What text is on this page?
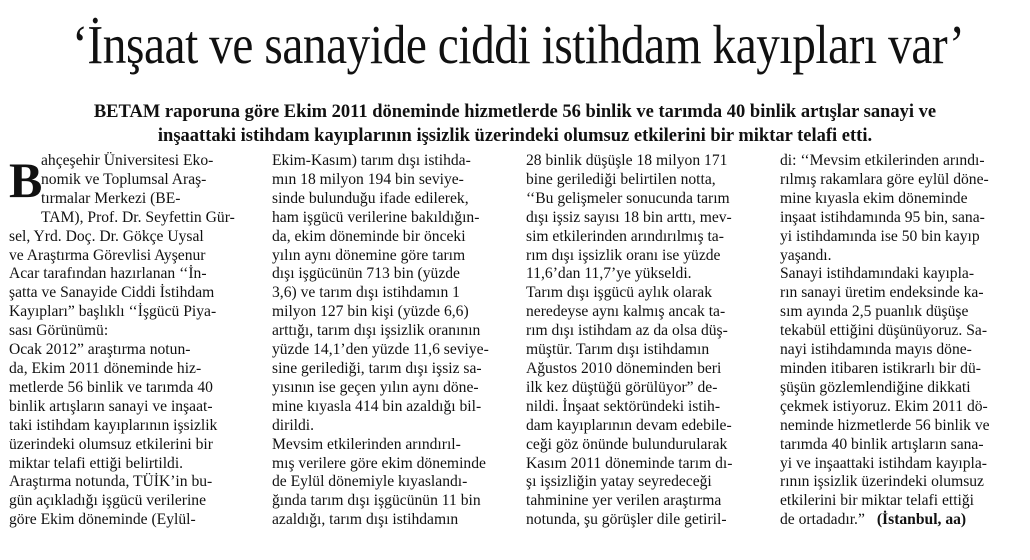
‘İnşaat ve sanayide ciddi istihdam kayıpları var’
BETAM raporuna göre Ekim 2011 döneminde hizmetlerde 56 binlik ve tarımda 40 binlik artışlar sanayi ve
inşaattaki istihdam kayıplarının işsizlik üzerindeki olumsuz etkilerini bir miktar telafi etti.
B

ahçeşehir Üniversitesi Eko-

nomik ve Toplumsal Araş-

tırmalar Merkezi (BE-

TAM), Prof. Dr. Seyfettin Gür-

sel, Yrd. Doç. Dr. Gökçe Uysal

ve Araştırma Görevlisi Ayşenur

Acar tarafından hazırlanan ‘‘İn-

şatta ve Sanayide Ciddi İstihdam

Kayıpları” başlıklı ‘‘İşgücü Piya-

sası Görünümü:

Ocak 2012” araştırma notun-

da, Ekim 2011 döneminde hiz-

metlerde 56 binlik ve tarımda 40

binlik artışların sanayi ve inşaat-

taki istihdam kayıplarının işsizlik

üzerindeki olumsuz etkilerini bir

miktar telafi ettiği belirtildi.

Araştırma notunda, TÜİK’in bu-

gün açıkladığı işgücü verilerine

göre Ekim döneminde (Eylül-

Ekim-Kasım) tarım dışı istihda-

mın 18 milyon 194 bin seviye-

sinde bulunduğu ifade edilerek,

ham işgücü verilerine bakıldığın-

da, ekim döneminde bir önceki

yılın aynı dönemine göre tarım

dışı işgücünün 713 bin (yüzde

3,6) ve tarım dışı istihdamın 1

milyon 127 bin kişi (yüzde 6,6)

arttığı, tarım dışı işsizlik oranının

yüzde 14,1’den yüzde 11,6 seviye-

sine gerilediği, tarım dışı işsiz sa-

yısının ise geçen yılın aynı döne-

mine kıyasla 414 bin azaldığı bil-

dirildi.

Mevsim etkilerinden arındırıl-

mış verilere göre ekim döneminde

de Eylül dönemiyle kıyaslandı-

ğında tarım dışı işgücünün 11 bin

azaldığı, tarım dışı istihdamın

28 binlik düşüşle 18 milyon 171

bine gerilediği belirtilen notta,

‘‘Bu gelişmeler sonucunda tarım

dışı işsiz sayısı 18 bin arttı, mev-

sim etkilerinden arındırılmış ta-

rım dışı işsizlik oranı ise yüzde

11,6’dan 11,7’ye yükseldi.

Tarım dışı işgücü aylık olarak

neredeyse aynı kalmış ancak ta-

rım dışı istihdam az da olsa düş-

müştür. Tarım dışı istihdamın

Ağustos 2010 döneminden beri

ilk kez düştüğü görülüyor” de-

nildi. İnşaat sektöründeki istih-

dam kayıplarının devam edebile-

ceği göz önünde bulundurularak

Kasım 2011 döneminde tarım dı-

şı işsizliğin yatay seyredeceği

tahminine yer verilen araştırma

notunda, şu görüşler dile getiril-

di: ‘‘Mevsim etkilerinden arındı-

rılmış rakamlara göre eylül döne-

mine kıyasla ekim döneminde

inşaat istihdamında 95 bin, sana-

yi istihdamında ise 50 bin kayıp

yaşandı.

Sanayi istihdamındaki kayıpla-

rın sanayi üretim endeksinde ka-

sım ayında 2,5 puanlık düşüşe

tekabül ettiğini düşünüyoruz. Sa-

nayi istihdamında mayıs döne-

minden itibaren istikrarlı bir dü-

şüşün gözlemlendiğine dikkati

çekmek istiyoruz. Ekim 2011 dö-

neminde hizmetlerde 56 binlik ve

tarımda 40 binlik artışların sana-

yi ve inşaattaki istihdam kayıpla-

rının işsizlik üzerindeki olumsuz

etkilerini bir miktar telafi ettiği

de ortadadır.” (İstanbul, aa)
